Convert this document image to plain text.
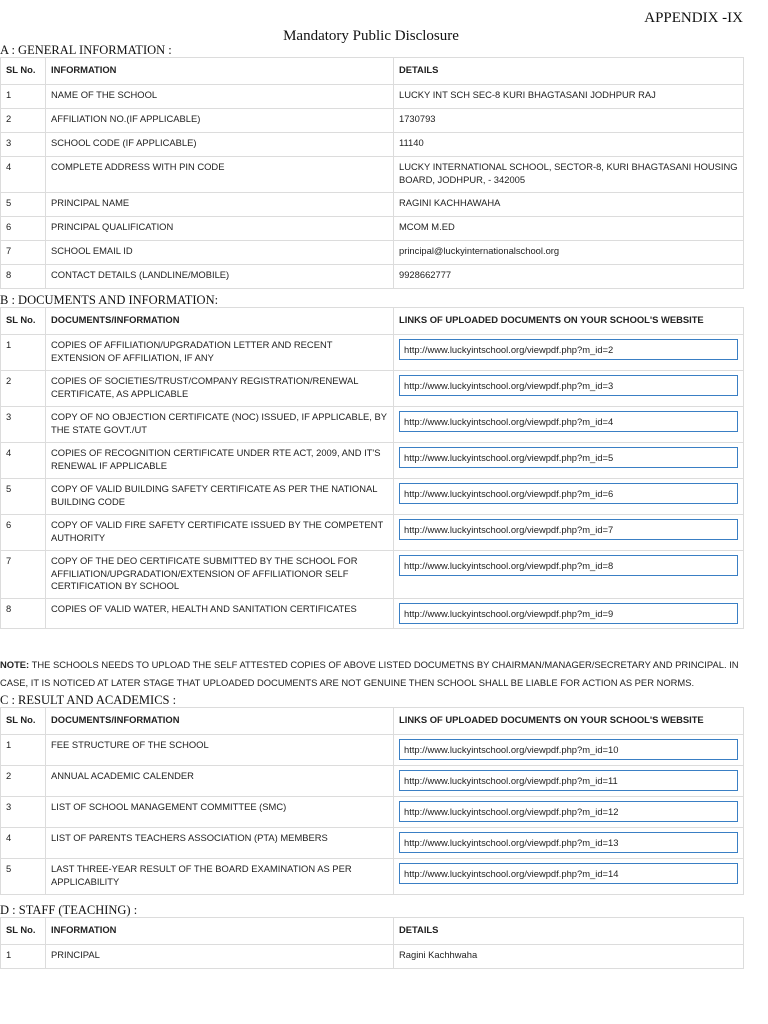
APPENDIX -IX
Mandatory Public Disclosure
A : GENERAL INFORMATION :
SL No.	INFORMATION	DETAILS
1	NAME OF THE SCHOOL	LUCKY INT SCH SEC-8 KURI BHAGTASANI JODHPUR RAJ
2	AFFILIATION NO.(IF APPLICABLE)	1730793
3	SCHOOL CODE (IF APPLICABLE)	11140
4	COMPLETE ADDRESS WITH PIN CODE	LUCKY INTERNATIONAL SCHOOL, SECTOR-8, KURI BHAGTASANI HOUSING BOARD, JODHPUR, - 342005
5	PRINCIPAL NAME	RAGINI KACHHAWAHA
6	PRINCIPAL QUALIFICATION	MCOM M.ED
7	SCHOOL EMAIL ID	principal@luckyinternationalschool.org
8	CONTACT DETAILS (LANDLINE/MOBILE)	9928662777
B : DOCUMENTS AND INFORMATION:
SL No.	DOCUMENTS/INFORMATION	LINKS OF UPLOADED DOCUMENTS ON YOUR SCHOOL'S WEBSITE
1	COPIES OF AFFILIATION/UPGRADATION LETTER AND RECENT EXTENSION OF AFFILIATION, IF ANY	http://www.luckyintschool.org/viewpdf.php?m_id=2

2	COPIES OF SOCIETIES/TRUST/COMPANY REGISTRATION/RENEWAL CERTIFICATE, AS APPLICABLE	http://www.luckyintschool.org/viewpdf.php?m_id=3

3	COPY OF NO OBJECTION CERTIFICATE (NOC) ISSUED, IF APPLICABLE, BY THE STATE GOVT./UT	http://www.luckyintschool.org/viewpdf.php?m_id=4

4	COPIES OF RECOGNITION CERTIFICATE UNDER RTE ACT, 2009, AND IT'S RENEWAL IF APPLICABLE	http://www.luckyintschool.org/viewpdf.php?m_id=5

5	COPY OF VALID BUILDING SAFETY CERTIFICATE AS PER THE NATIONAL BUILDING CODE	http://www.luckyintschool.org/viewpdf.php?m_id=6

6	COPY OF VALID FIRE SAFETY CERTIFICATE ISSUED BY THE COMPETENT AUTHORITY	http://www.luckyintschool.org/viewpdf.php?m_id=7

7	COPY OF THE DEO CERTIFICATE SUBMITTED BY THE SCHOOL FOR AFFILIATION/UPGRADATION/EXTENSION OF AFFILIATIONOR SELF CERTIFICATION BY SCHOOL	http://www.luckyintschool.org/viewpdf.php?m_id=8

8	COPIES OF VALID WATER, HEALTH AND SANITATION CERTIFICATES	http://www.luckyintschool.org/viewpdf.php?m_id=9
NOTE: THE SCHOOLS NEEDS TO UPLOAD THE SELF ATTESTED COPIES OF ABOVE LISTED DOCUMETNS BY CHAIRMAN/MANAGER/SECRETARY AND PRINCIPAL. IN CASE, IT IS NOTICED AT LATER STAGE THAT UPLOADED DOCUMENTS ARE NOT GENUINE THEN SCHOOL SHALL BE LIABLE FOR ACTION AS PER NORMS.
C : RESULT AND ACADEMICS :
SL No.	DOCUMENTS/INFORMATION	LINKS OF UPLOADED DOCUMENTS ON YOUR SCHOOL'S WEBSITE
1	FEE STRUCTURE OF THE SCHOOL	http://www.luckyintschool.org/viewpdf.php?m_id=10

2	ANNUAL ACADEMIC CALENDER	http://www.luckyintschool.org/viewpdf.php?m_id=11

3	LIST OF SCHOOL MANAGEMENT COMMITTEE (SMC)	http://www.luckyintschool.org/viewpdf.php?m_id=12

4	LIST OF PARENTS TEACHERS ASSOCIATION (PTA) MEMBERS	http://www.luckyintschool.org/viewpdf.php?m_id=13

5	LAST THREE-YEAR RESULT OF THE BOARD EXAMINATION AS PER APPLICABILITY	http://www.luckyintschool.org/viewpdf.php?m_id=14
D : STAFF (TEACHING) :
SL No.	INFORMATION	DETAILS
1	PRINCIPAL	Ragini Kachhwaha
